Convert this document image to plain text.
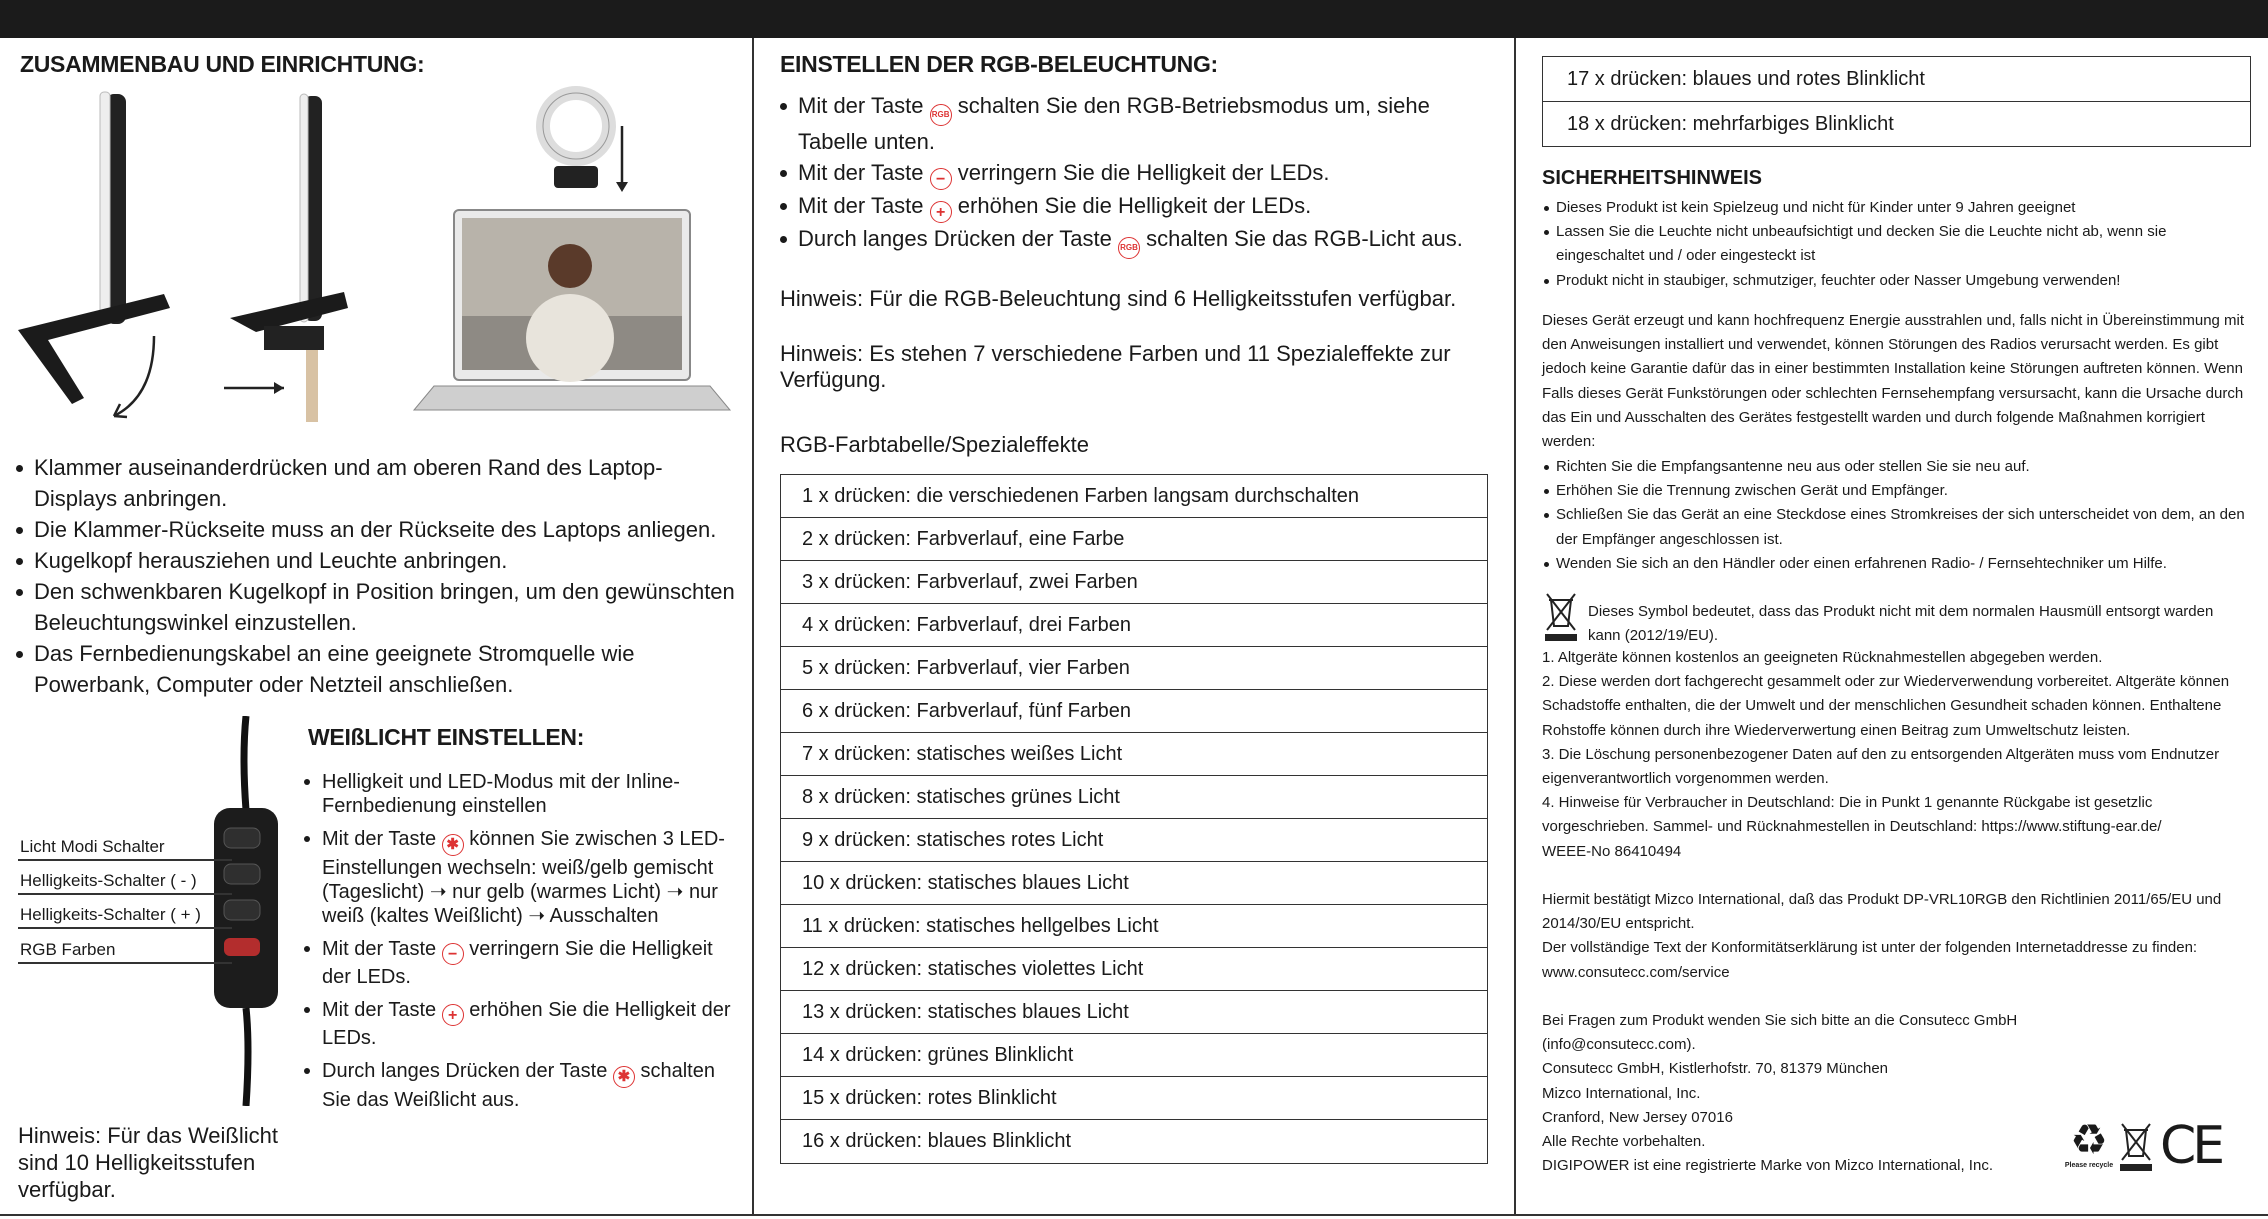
ZUSAMMENBAU UND EINRICHTUNG:
Klammer auseinanderdrücken und am oberen Rand des Laptop-Displays anbringen.
Die Klammer-Rückseite muss an der Rückseite des Laptops anliegen.
Kugelkopf herausziehen und Leuchte anbringen.
Den schwenkbaren Kugelkopf in Position bringen, um den gewünschten Beleuchtungswinkel einzustellen.
Das Fernbedienungskabel an eine geeignete Stromquelle wie Powerbank, Computer oder Netzteil anschließen.
Licht Modi Schalter
Helligkeits-Schalter ( - )
Helligkeits-Schalter ( + )
RGB Farben
WEIßLICHT EINSTELLEN:
Helligkeit und LED-Modus mit der Inline-Fernbedienung einstellen
Mit der Taste ✱ können Sie zwischen 3 LED-Einstellungen wechseln: weiß/gelb gemischt (Tageslicht) ➝ nur gelb (warmes Licht) ➝ nur weiß (kaltes Weißlicht) ➝ Ausschalten
Mit der Taste − verringern Sie die Helligkeit der LEDs.
Mit der Taste + erhöhen Sie die Helligkeit der LEDs.
Durch langes Drücken der Taste ✱ schalten Sie das Weißlicht aus.
Hinweis: Für das Weißlicht sind 10 Helligkeitsstufen verfügbar.
EINSTELLEN DER RGB-BELEUCHTUNG:
Mit der Taste RGB schalten Sie den RGB-Betriebsmodus um, siehe Tabelle unten.
Mit der Taste − verringern Sie die Helligkeit der LEDs.
Mit der Taste + erhöhen Sie die Helligkeit der LEDs.
Durch langes Drücken der Taste RGB schalten Sie das RGB-Licht aus.
Hinweis: Für die RGB-Beleuchtung sind 6 Helligkeitsstufen verfügbar.
Hinweis: Es stehen 7 verschiedene Farben und 11 Spezialeffekte zur Verfügung.
RGB-Farbtabelle/Spezialeffekte
1 x drücken: die verschiedenen Farben langsam durchschalten
2 x drücken: Farbverlauf, eine Farbe
3 x drücken: Farbverlauf, zwei Farben
4 x drücken: Farbverlauf, drei Farben
5 x drücken: Farbverlauf, vier Farben
6 x drücken: Farbverlauf, fünf Farben
7 x drücken: statisches weißes Licht
8 x drücken: statisches grünes Licht
9 x drücken: statisches rotes Licht
10 x drücken: statisches blaues Licht
11 x drücken: statisches hellgelbes Licht
12 x drücken: statisches violettes Licht
13 x drücken: statisches blaues Licht
14 x drücken: grünes Blinklicht
15 x drücken: rotes Blinklicht
16 x drücken: blaues Blinklicht
17 x drücken: blaues und rotes Blinklicht
18 x drücken: mehrfarbiges Blinklicht
SICHERHEITSHINWEIS
Dieses Produkt ist kein Spielzeug und nicht für Kinder unter 9 Jahren geeignet
Lassen Sie die Leuchte nicht unbeaufsichtigt und decken Sie die Leuchte nicht ab, wenn sie eingeschaltet und / oder eingesteckt ist
Produkt nicht in staubiger, schmutziger, feuchter oder Nasser Umgebung verwenden!
Dieses Gerät erzeugt und kann hochfrequenz Energie ausstrahlen und, falls nicht in Übereinstimmung mit den Anweisungen installiert und verwendet, können Störungen des Radios verursacht werden. Es gibt jedoch keine Garantie dafür das in einer bestimmten Installation keine Störungen auftreten können. Wenn Falls dieses Gerät Funkstörungen oder schlechten Fernsehempfang versursacht, kann die Ursache durch das Ein und Ausschalten des Gerätes festgestellt warden und durch folgende Maßnahmen korrigiert werden:
Richten Sie die Empfangsantenne neu aus oder stellen Sie sie neu auf.
Erhöhen Sie die Trennung zwischen Gerät und Empfänger.
Schließen Sie das Gerät an eine Steckdose eines Stromkreises der sich unterscheidet von dem, an den der Empfänger angeschlossen ist.
Wenden Sie sich an den Händler oder einen erfahrenen Radio- / Fernsehtechniker um Hilfe.
Dieses Symbol bedeutet, dass das Produkt nicht mit dem normalen Hausmüll entsorgt warden kann (2012/19/EU).
1. Altgeräte können kostenlos an geeigneten Rücknahmestellen abgegeben werden.
2. Diese werden dort fachgerecht gesammelt oder zur Wiederverwendung vorbereitet. Altgeräte können Schadstoffe enthalten, die der Umwelt und der menschlichen Gesundheit schaden können. Enthaltene Rohstoffe können durch ihre Wiederverwertung einen Beitrag zum Umweltschutz leisten.
3. Die Löschung personenbezogener Daten auf den zu entsorgenden Altgeräten muss vom Endnutzer eigenverantwortlich vorgenommen werden.
4. Hinweise für Verbraucher in Deutschland: Die in Punkt 1 genannte Rückgabe ist gesetzlic vorgeschrieben. Sammel- und Rücknahmestellen in Deutschland: https://www.stiftung-ear.de/
WEEE-No 86410494
Hiermit bestätigt Mizco International, daß das Produkt DP-VRL10RGB den Richtlinien 2011/65/EU und 2014/30/EU entspricht.
Der vollständige Text der Konformitätserklärung ist unter der folgenden Internetaddresse zu finden: www.consutecc.com/service
Bei Fragen zum Produkt wenden Sie sich bitte an die Consutecc GmbH (info@consutecc.com).
Consutecc GmbH, Kistlerhofstr. 70, 81379 München
Mizco International, Inc.
Cranford, New Jersey 07016
Alle Rechte vorbehalten.
DIGIPOWER ist eine registrierte Marke von Mizco International, Inc.
♻
Please recycle CE
